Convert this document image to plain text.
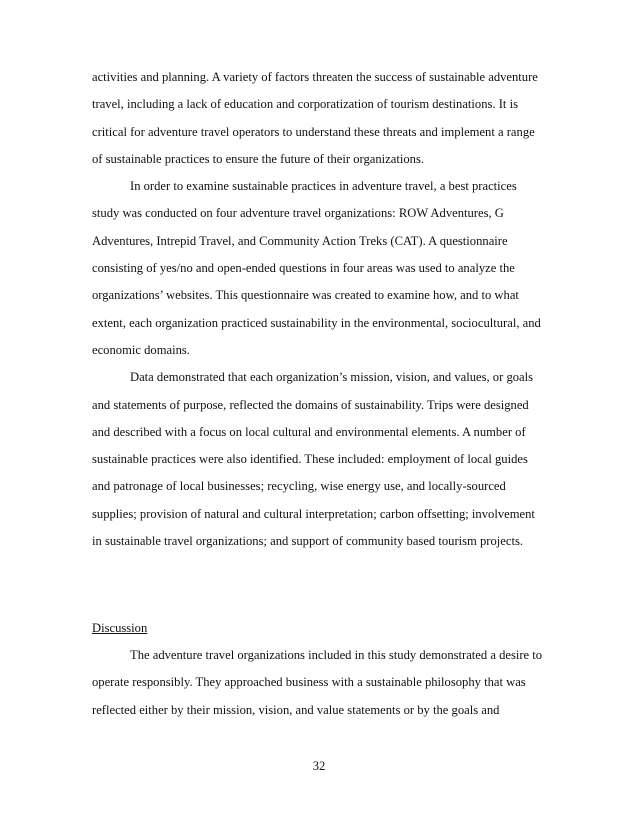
activities and planning. A variety of factors threaten the success of sustainable adventure
travel, including a lack of education and corporatization of tourism destinations. It is
critical for adventure travel operators to understand these threats and implement a range
of sustainable practices to ensure the future of their organizations.
In order to examine sustainable practices in adventure travel, a best practices
study was conducted on four adventure travel organizations: ROW Adventures, G
Adventures, Intrepid Travel, and Community Action Treks (CAT). A questionnaire
consisting of yes/no and open-ended questions in four areas was used to analyze the
organizations’ websites. This questionnaire was created to examine how, and to what
extent, each organization practiced sustainability in the environmental, sociocultural, and
economic domains.
Data demonstrated that each organization’s mission, vision, and values, or goals
and statements of purpose, reflected the domains of sustainability. Trips were designed
and described with a focus on local cultural and environmental elements. A number of
sustainable practices were also identified. These included: employment of local guides
and patronage of local businesses; recycling, wise energy use, and locally-sourced
supplies; provision of natural and cultural interpretation; carbon offsetting; involvement
in sustainable travel organizations; and support of community based tourism projects.
Discussion
The adventure travel organizations included in this study demonstrated a desire to
operate responsibly. They approached business with a sustainable philosophy that was
reflected either by their mission, vision, and value statements or by the goals and
32
